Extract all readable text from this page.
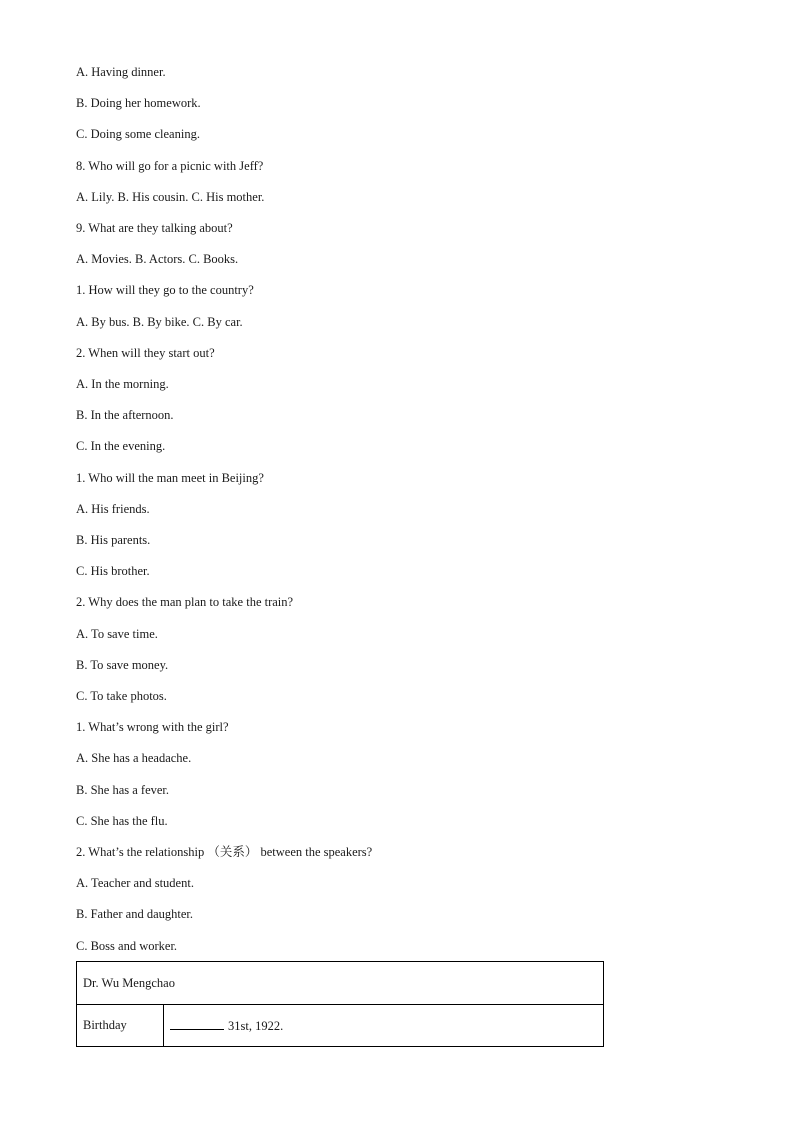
A. Having dinner.
B. Doing her homework.
C. Doing some cleaning.
8. Who will go for a picnic with Jeff?
A. Lily. B. His cousin. C. His mother.
9. What are they talking about?
A. Movies. B. Actors. C. Books.
1. How will they go to the country?
A. By bus. B. By bike. C. By car.
2. When will they start out?
A. In the morning.
B. In the afternoon.
C. In the evening.
1. Who will the man meet in Beijing?
A. His friends.
B. His parents.
C. His brother.
2. Why does the man plan to take the train?
A. To save time.
B. To save money.
C. To take photos.
1. What’s wrong with the girl?
A. She has a headache.
B. She has a fever.
C. She has the flu.
2. What’s the relationship （关系） between the speakers?
A. Teacher and student.
B. Father and daughter.
C. Boss and worker.
Dr. Wu Mengchao
Birthday	31st, 1922.
